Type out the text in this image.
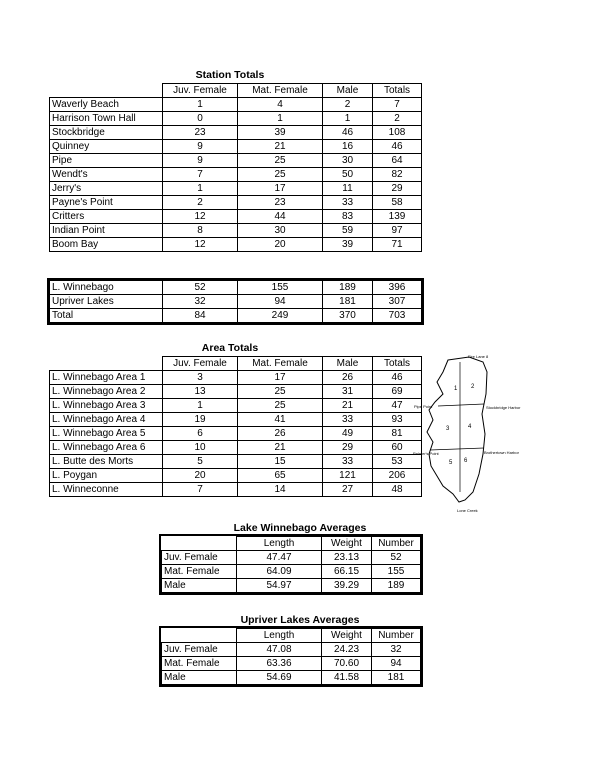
Station Totals
	Juv. Female	Mat. Female	Male	Totals
Waverly Beach	1	4	2	7
Harrison Town Hall	0	1	1	2
Stockbridge	23	39	46	108
Quinney	9	21	16	46
Pipe	9	25	30	64
Wendt's	7	25	50	82
Jerry's	1	17	11	29
Payne's Point	2	23	33	58
Critters	12	44	83	139
Indian Point	8	30	59	97
Boom Bay	12	20	39	71
L. Winnebago	52	155	189	396
Upriver Lakes	32	94	181	307
Total	84	249	370	703
Area Totals
	Juv. Female	Mat. Female	Male	Totals
L. Winnebago Area 1	3	17	26	46
L. Winnebago Area 2	13	25	31	69
L. Winnebago Area 3	1	25	21	47
L. Winnebago Area 4	19	41	33	93
L. Winnebago Area 5	6	26	49	81
L. Winnebago Area 6	10	21	29	60
L. Butte des Morts	5	15	33	53
L. Poygan	20	65	121	206
L. Winneconne	7	14	27	48
1 2
3	4
5 6
Fire Lane 8
Pipe Point	Stockbridge Harbor
Brothertown Harbor
Palmer's Point
Lone Creek
Lake Winnebago Averages
	Length	Weight	Number
Juv. Female	47.47	23.13	52
Mat. Female	64.09	66.15	155
Male	54.97	39.29	189
Upriver Lakes Averages
	Length	Weight	Number
Juv. Female	47.08	24.23	32
Mat. Female	63.36	70.60	94
Male	54.69	41.58	181
